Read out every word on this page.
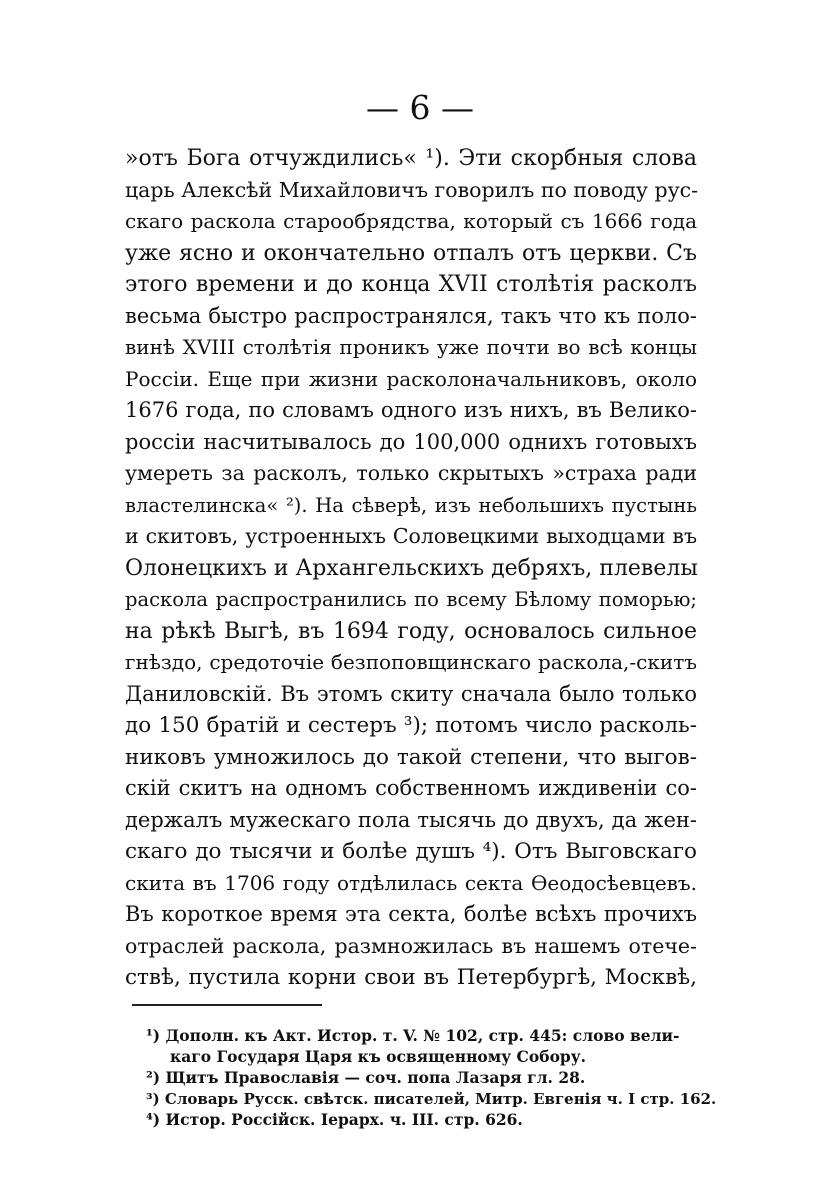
— 6 —
»отъ Бога отчуждились« ¹). Эти скорбныя слова
царь Алексѣй Михайловичъ говорилъ по поводу рус-
скаго раскола старообрядства, который съ 1666 года
уже ясно и окончательно отпалъ отъ церкви. Съ
этого времени и до конца XVII столѣтія расколъ
весьма быстро распространялся, такъ что къ поло-
винѣ XVIII столѣтія проникъ уже почти во всѣ концы
Россіи. Еще при жизни расколоначальниковъ, около
1676 года, по словамъ одного изъ нихъ, въ Велико-
россіи насчитывалось до 100,000 однихъ готовыхъ
умереть за расколъ, только скрытыхъ »страха ради
властелинска« ²). На сѣверѣ, изъ небольшихъ пустынь
и скитовъ, устроенныхъ Соловецкими выходцами въ
Олонецкихъ и Архангельскихъ дебряхъ, плевелы
раскола распространились по всему Бѣлому поморью;
на рѣкѣ Выгѣ, въ 1694 году, основалось сильное
гнѣздо, средоточіе безпоповщинскаго раскола,-скитъ
Даниловскій. Въ этомъ скиту сначала было только
до 150 братій и сестеръ ³); потомъ число расколь-
никовъ умножилось до такой степени, что выгов-
скій скитъ на одномъ собственномъ иждивеніи со-
держалъ мужескаго пола тысячь до двухъ, да жен-
скаго до тысячи и болѣе душъ ⁴). Отъ Выговскаго
скита въ 1706 году отдѣлилась секта Ѳеодосѣевцевъ.
Въ короткое время эта секта, болѣе всѣхъ прочихъ
отраслей раскола, размножилась въ нашемъ отече-
ствѣ, пустила корни свои въ Петербургѣ, Москвѣ,
¹) Дополн. къ Акт. Истор. т. V. № 102, стр. 445: слово вели-
каго Государя Царя къ освященному Собору.
²) Щитъ Православія — соч. попа Лазаря гл. 28.
³) Словарь Русск. свѣтск. писателей, Митр. Евгенія ч. I стр. 162.
⁴) Истор. Россійск. Іерарх. ч. III. стр. 626.
